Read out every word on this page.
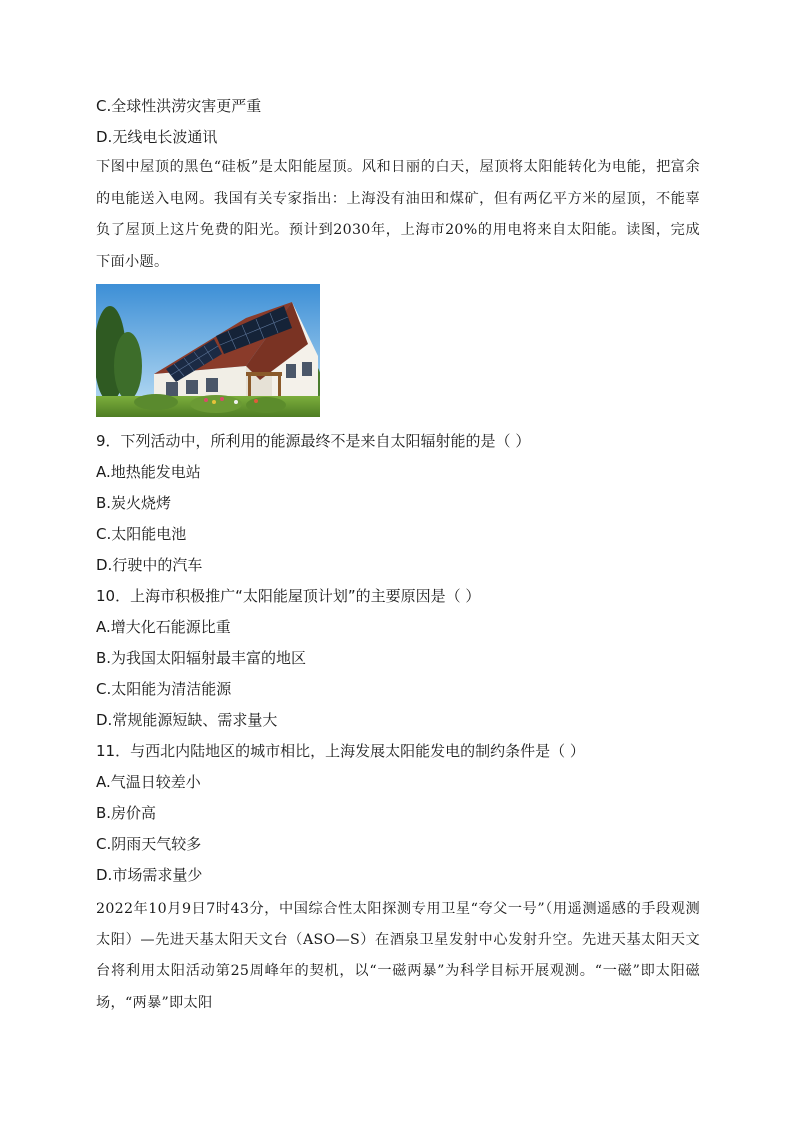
C.全球性洪涝灾害更严重
D.无线电长波通讯
下图中屋顶的黑色“硅板”是太阳能屋顶。风和日丽的白天，屋顶将太阳能转化为电能，把富余的电能送入电网。我国有关专家指出：上海没有油田和煤矿，但有两亿平方米的屋顶，不能辜负了屋顶上这片免费的阳光。预计到2030年，上海市20%的用电将来自太阳能。读图，完成下面小题。
9．下列活动中，所利用的能源最终不是来自太阳辐射能的是（ ）
A.地热能发电站
B.炭火烧烤
C.太阳能电池
D.行驶中的汽车
10．上海市积极推广“太阳能屋顶计划”的主要原因是（ ）
A.增大化石能源比重
B.为我国太阳辐射最丰富的地区
C.太阳能为清洁能源
D.常规能源短缺、需求量大
11．与西北内陆地区的城市相比，上海发展太阳能发电的制约条件是（ ）
A.气温日较差小
B.房价高
C.阴雨天气较多
D.市场需求量少
2022年10月9日7时43分，中国综合性太阳探测专用卫星“夸父一号”（用遥测遥感的手段观测太阳）—先进天基太阳天文台（ASO—S）在酒泉卫星发射中心发射升空。先进天基太阳天文台将利用太阳活动第25周峰年的契机，以“一磁两暴”为科学目标开展观测。“一磁”即太阳磁场，“两暴”即太阳
